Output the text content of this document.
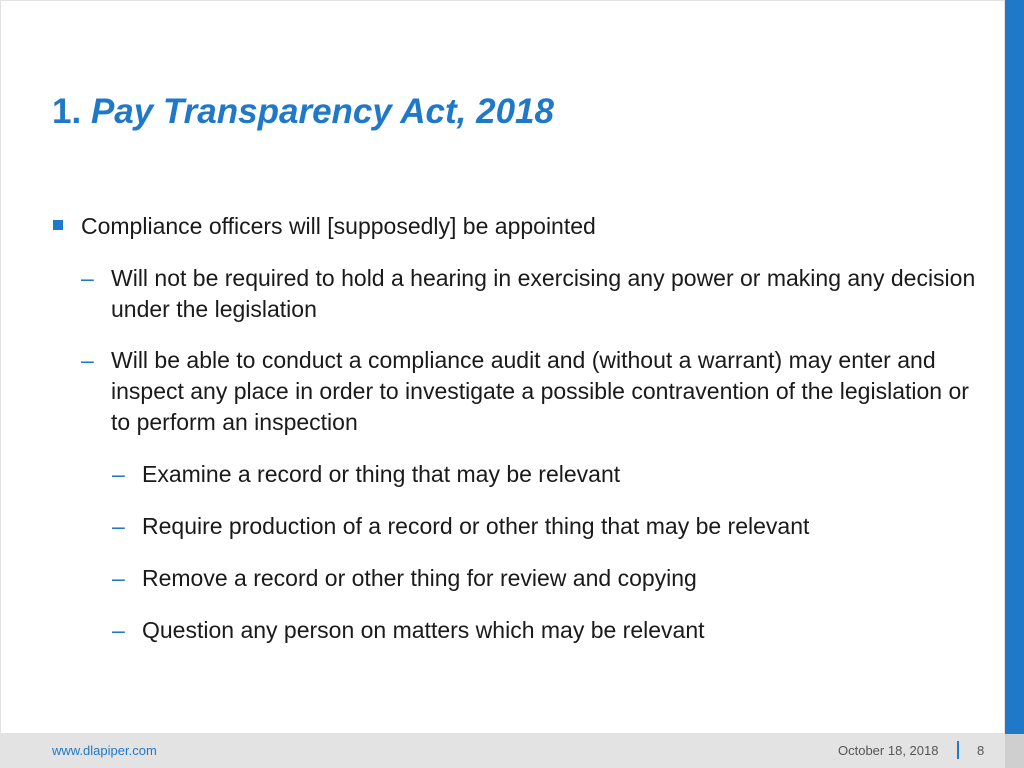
1. Pay Transparency Act, 2018
Compliance officers will [supposedly] be appointed
– Will not be required to hold a hearing in exercising any power or making any decision under the legislation
– Will be able to conduct a compliance audit and (without a warrant) may enter and inspect any place in order to investigate a possible contravention of the legislation or to perform an inspection
– Examine a record or thing that may be relevant
– Require production of a record or other thing that may be relevant
– Remove a record or other thing for review and copying
– Question any person on matters which may be relevant
www.dlapiper.com	October 18, 2018	8
